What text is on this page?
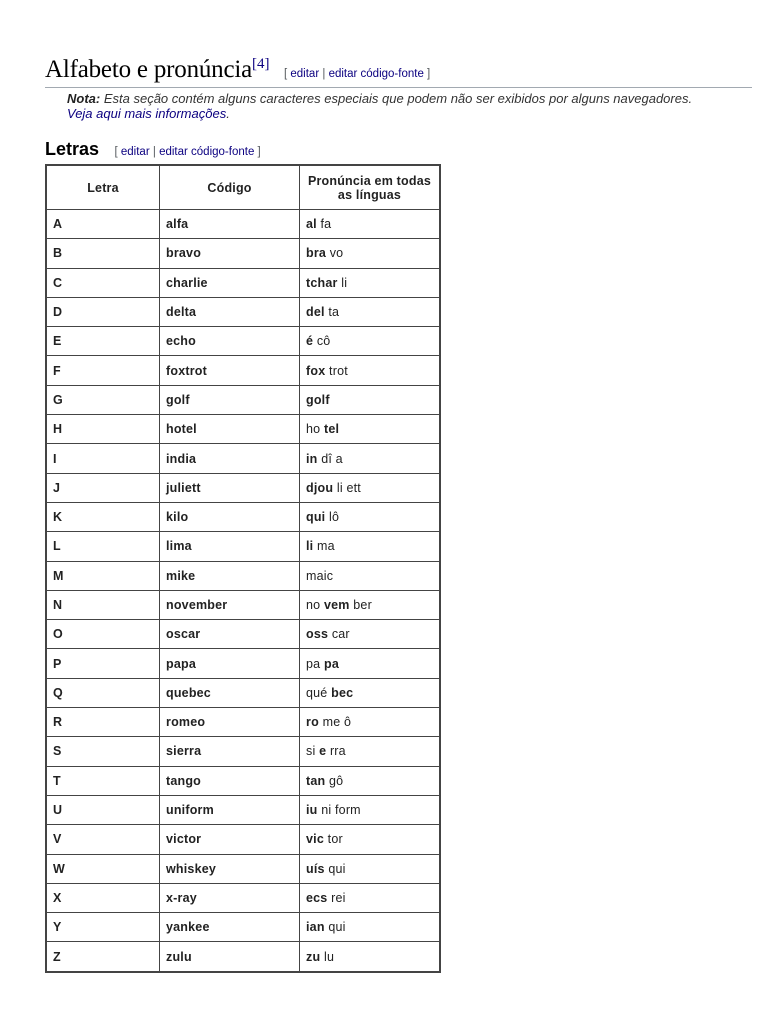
Alfabeto e pronúncia[4] [ editar | editar código-fonte ]
Nota: Esta seção contém alguns caracteres especiais que podem não ser exibidos por alguns navegadores. Veja aqui mais informações.
Letras [ editar | editar código-fonte ]
Letra	Código	Pronúncia em todas as línguas
A	alfa	al fa
B	bravo	bra vo
C	charlie	tchar li
D	delta	del ta
E	echo	é cô
F	foxtrot	fox trot
G	golf	golf
H	hotel	ho tel
I	india	in dî a
J	juliett	djou li ett
K	kilo	qui lô
L	lima	li ma
M	mike	maic
N	november	no vem ber
O	oscar	oss car
P	papa	pa pa
Q	quebec	qué bec
R	romeo	ro me ô
S	sierra	si e rra
T	tango	tan gô
U	uniform	iu ni form
V	victor	vic tor
W	whiskey	uís qui
X	x-ray	ecs rei
Y	yankee	ian qui
Z	zulu	zu lu
